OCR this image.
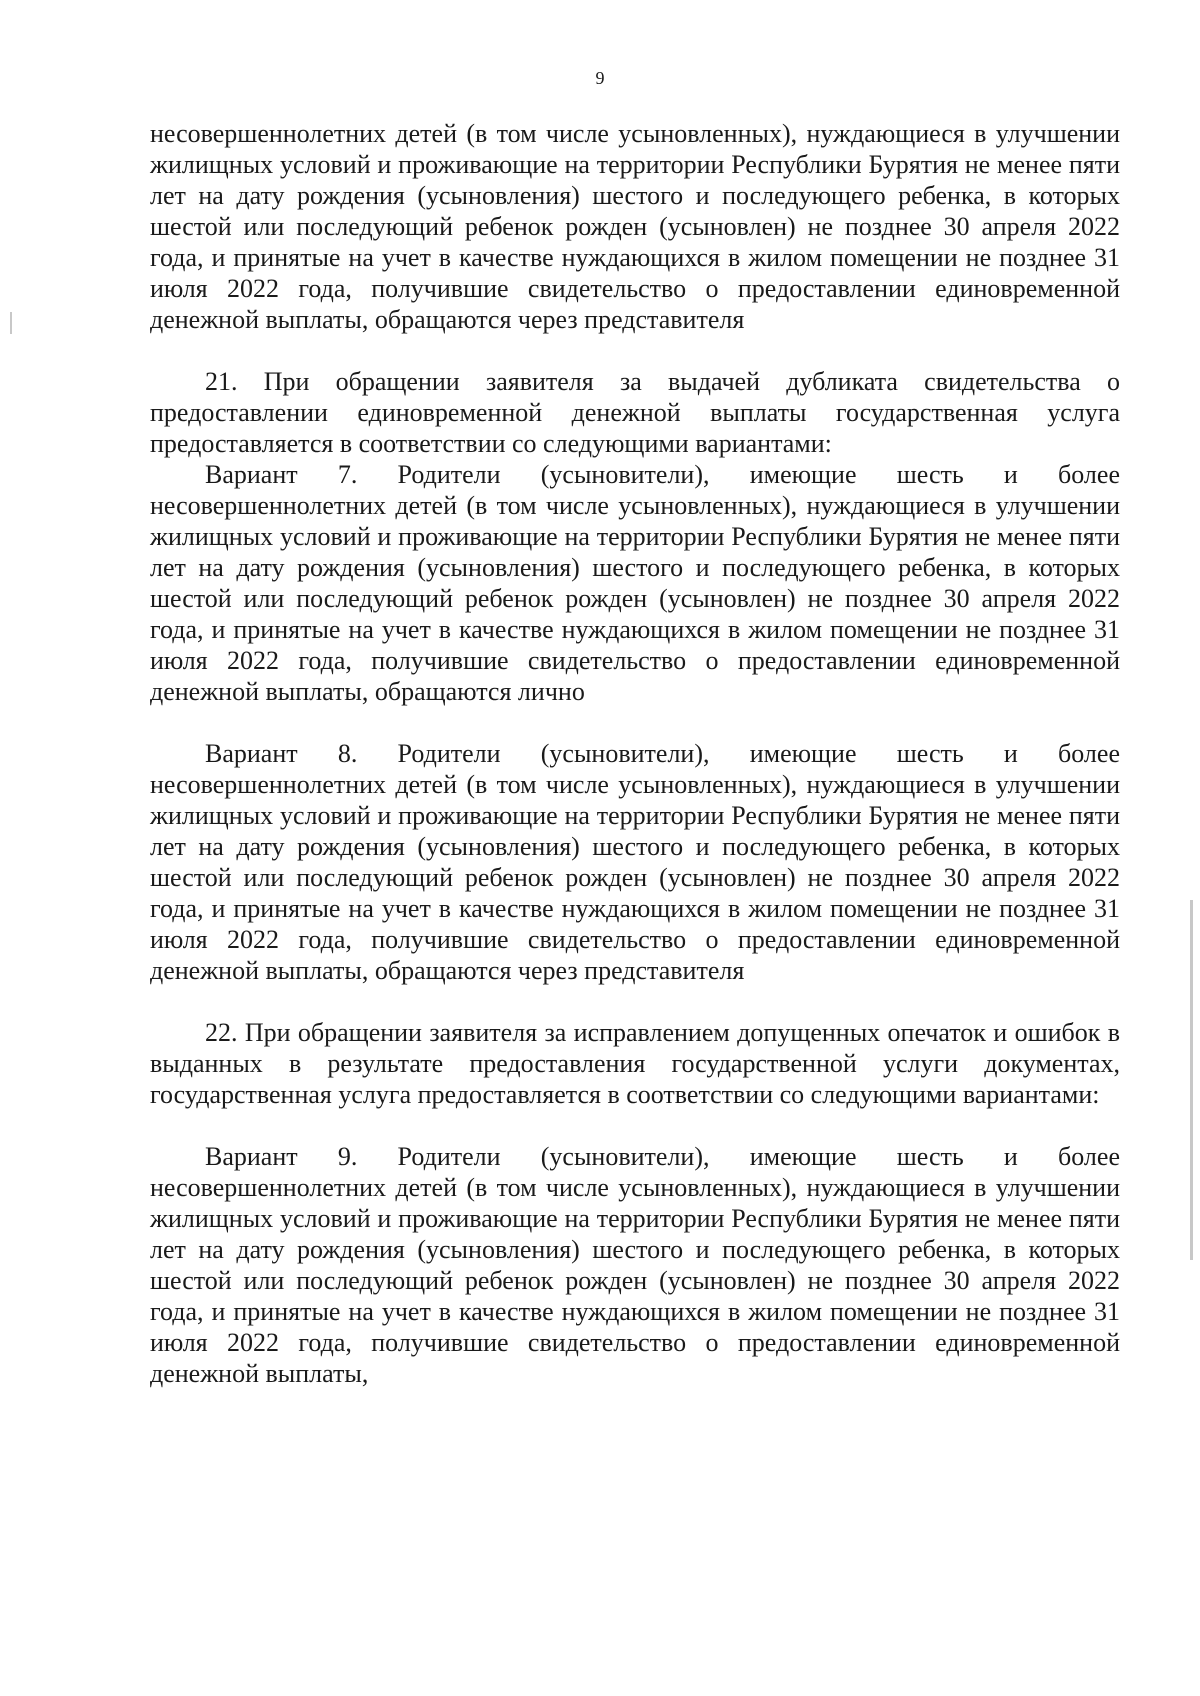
9

несовершеннолетних детей (в том числе усыновленных), нуждающиеся в улучшении жилищных условий и проживающие на территории Республики Бурятия не менее пяти лет на дату рождения (усыновления) шестого и последующего ребенка, в которых шестой или последующий ребенок рожден (усыновлен) не позднее 30 апреля 2022 года, и принятые на учет в качестве нуждающихся в жилом помещении не позднее 31 июля 2022 года, получившие свидетельство о предоставлении единовременной денежной выплаты, обращаются через представителя

21. При обращении заявителя за выдачей дубликата свидетельства о предоставлении единовременной денежной выплаты государственная услуга предоставляется в соответствии со следующими вариантами:

Вариант 7. Родители (усыновители), имеющие шесть и более несовершеннолетних детей (в том числе усыновленных), нуждающиеся в улучшении жилищных условий и проживающие на территории Республики Бурятия не менее пяти лет на дату рождения (усыновления) шестого и последующего ребенка, в которых шестой или последующий ребенок рожден (усыновлен) не позднее 30 апреля 2022 года, и принятые на учет в качестве нуждающихся в жилом помещении не позднее 31 июля 2022 года, получившие свидетельство о предоставлении единовременной денежной выплаты, обращаются лично

Вариант 8. Родители (усыновители), имеющие шесть и более несовершеннолетних детей (в том числе усыновленных), нуждающиеся в улучшении жилищных условий и проживающие на территории Республики Бурятия не менее пяти лет на дату рождения (усыновления) шестого и последующего ребенка, в которых шестой или последующий ребенок рожден (усыновлен) не позднее 30 апреля 2022 года, и принятые на учет в качестве нуждающихся в жилом помещении не позднее 31 июля 2022 года, получившие свидетельство о предоставлении единовременной денежной выплаты, обращаются через представителя

22. При обращении заявителя за исправлением допущенных опечаток и ошибок в выданных в результате предоставления государственной услуги документах, государственная услуга предоставляется в соответствии со следующими вариантами:

Вариант 9. Родители (усыновители), имеющие шесть и более несовершеннолетних детей (в том числе усыновленных), нуждающиеся в улучшении жилищных условий и проживающие на территории Республики Бурятия не менее пяти лет на дату рождения (усыновления) шестого и последующего ребенка, в которых шестой или последующий ребенок рожден (усыновлен) не позднее 30 апреля 2022 года, и принятые на учет в качестве нуждающихся в жилом помещении не позднее 31 июля 2022 года, получившие свидетельство о предоставлении единовременной денежной выплаты,
